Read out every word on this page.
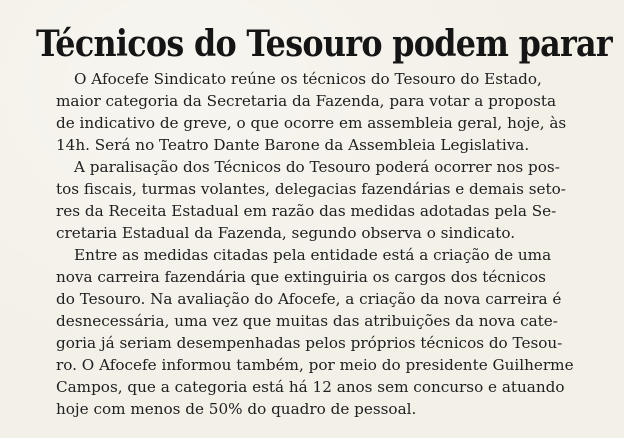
Técnicos do Tesouro podem parar
O Afocefe Sindicato reúne os técnicos do Tesouro do Estado,
maior categoria da Secretaria da Fazenda, para votar a proposta
de indicativo de greve, o que ocorre em assembleia geral, hoje, às
14h. Será no Teatro Dante Barone da Assembleia Legislativa.
A paralisação dos Técnicos do Tesouro poderá ocorrer nos pos-
tos fiscais, turmas volantes, delegacias fazendárias e demais seto-
res da Receita Estadual em razão das medidas adotadas pela Se-
cretaria Estadual da Fazenda, segundo observa o sindicato.
Entre as medidas citadas pela entidade está a criação de uma
nova carreira fazendária que extinguiria os cargos dos técnicos
do Tesouro. Na avaliação do Afocefe, a criação da nova carreira é
desnecessária, uma vez que muitas das atribuições da nova cate-
goria já seriam desempenhadas pelos próprios técnicos do Tesou-
ro. O Afocefe informou também, por meio do presidente Guilherme
Campos, que a categoria está há 12 anos sem concurso e atuando
hoje com menos de 50% do quadro de pessoal.
